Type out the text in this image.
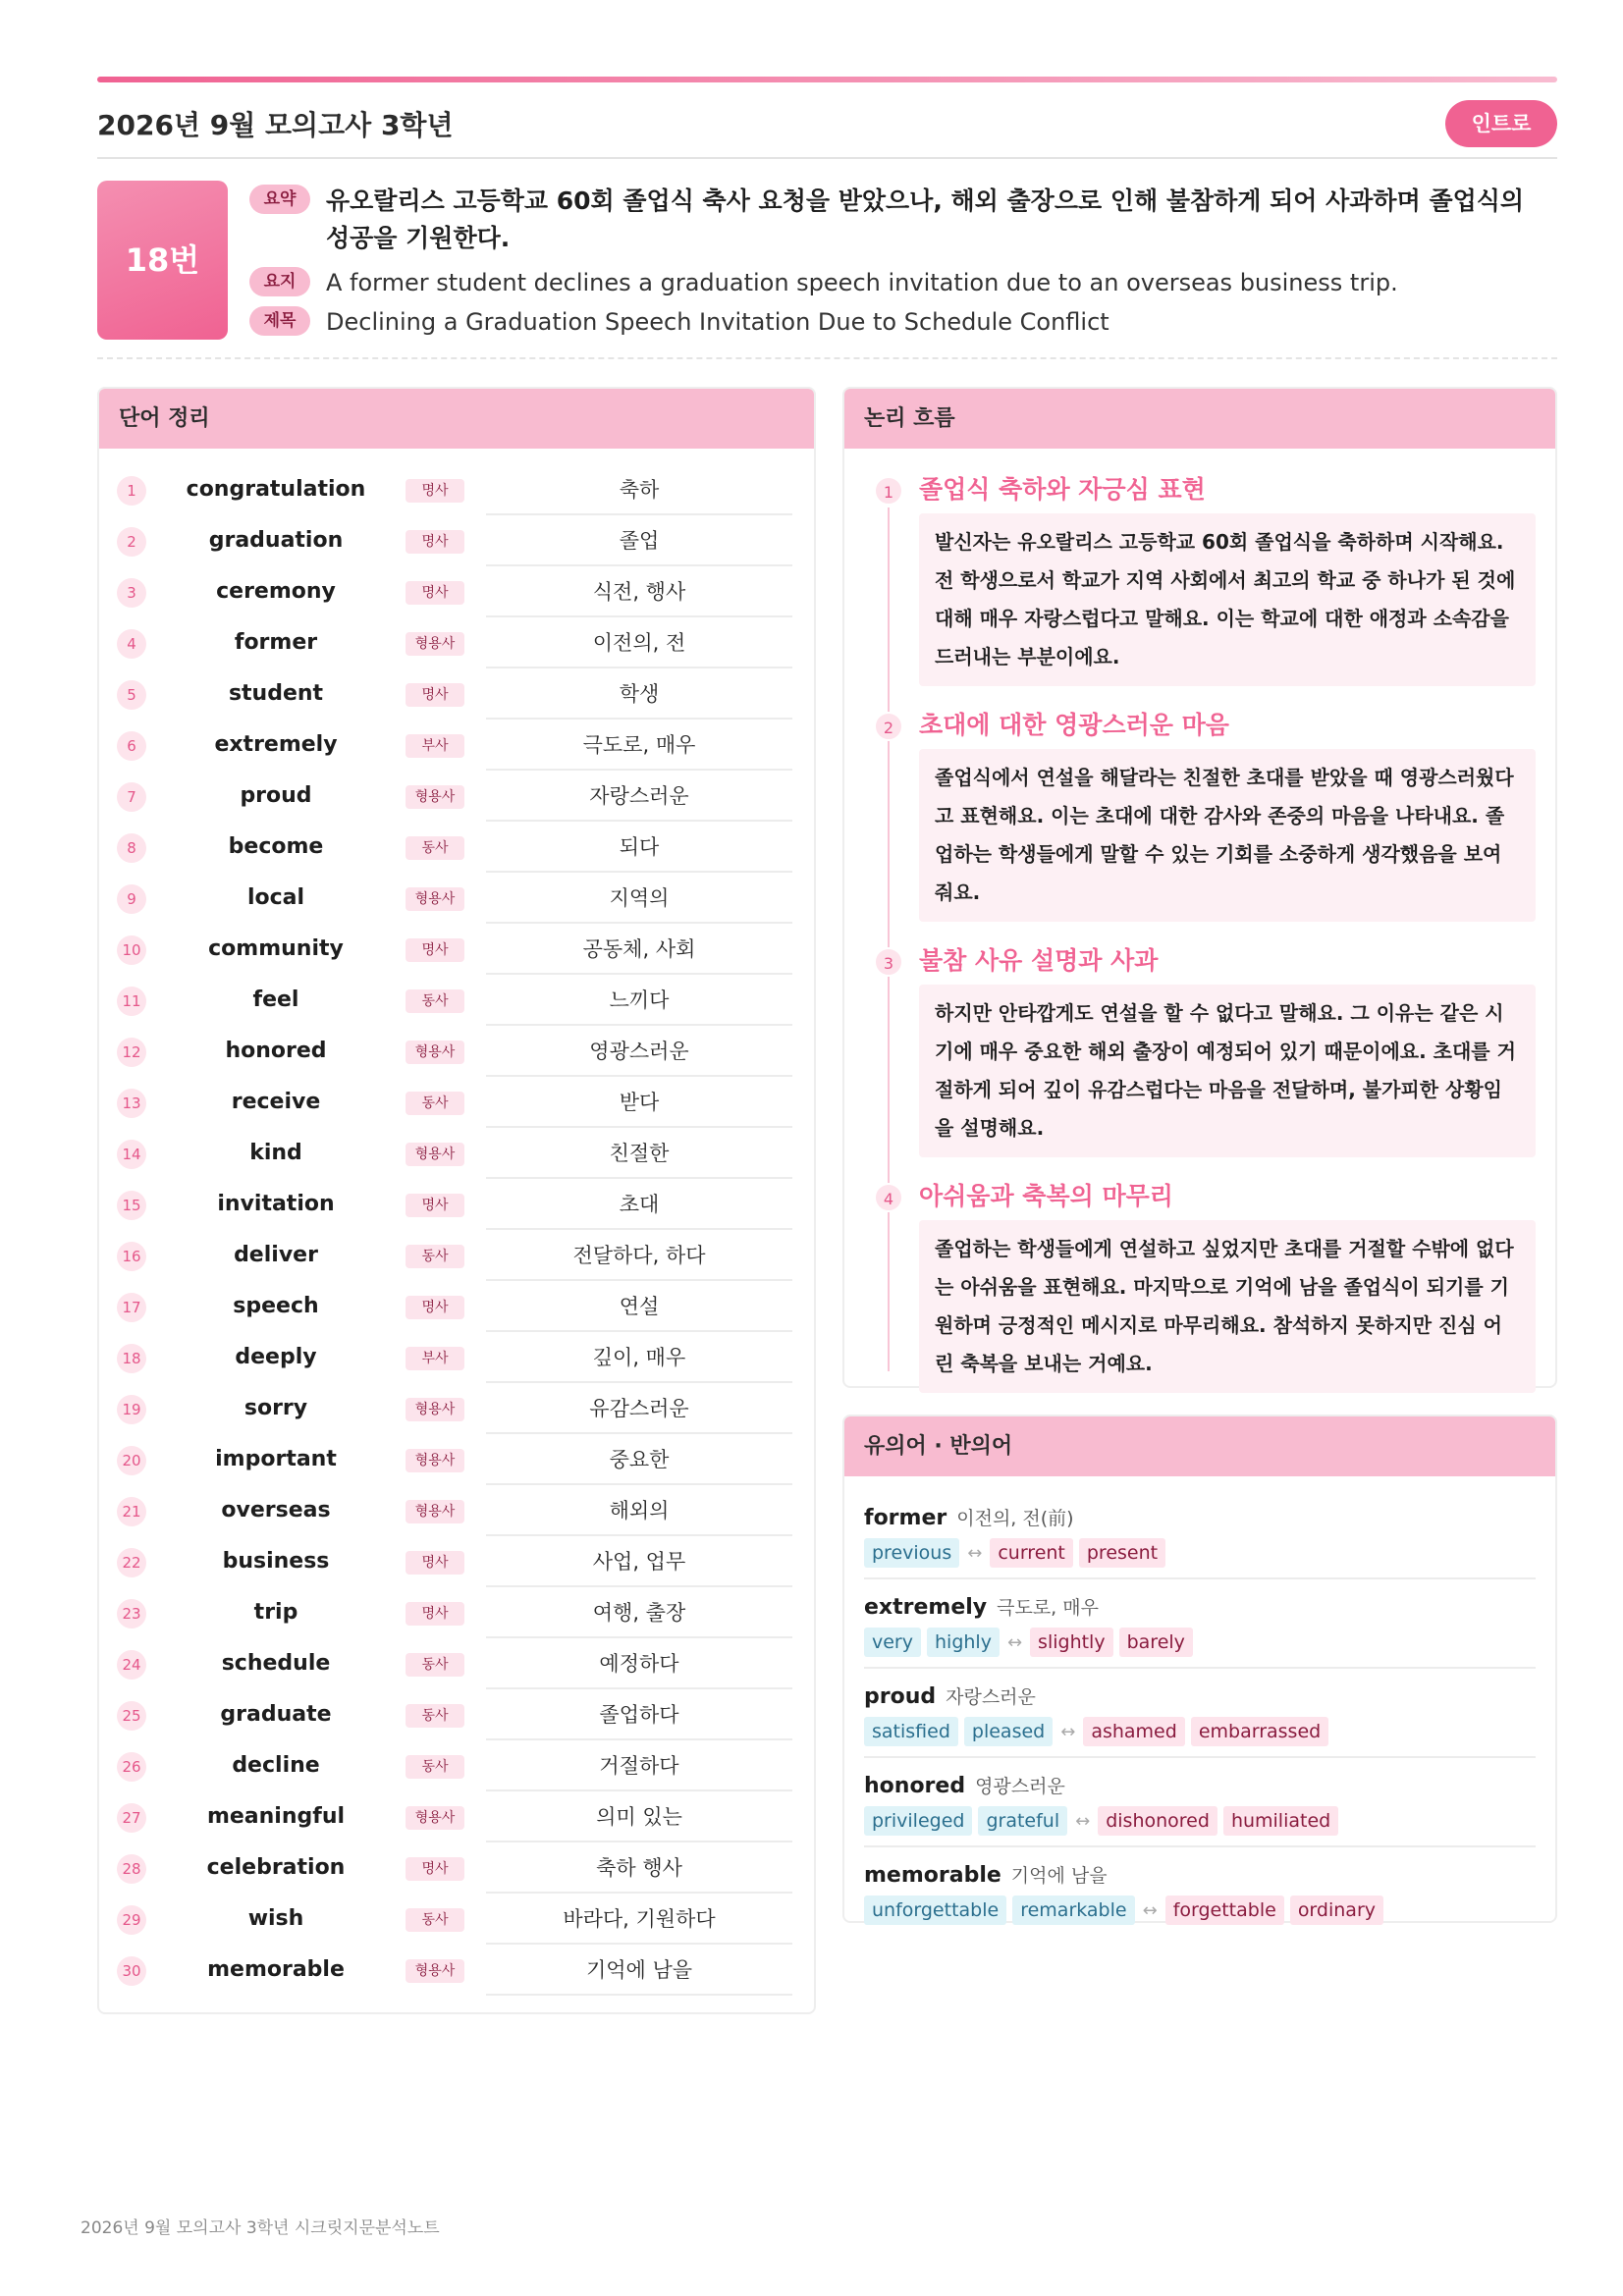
2026년 9월 모의고사 3학년	인트로
18번
요약	유오랄리스 고등학교 60회 졸업식 축사 요청을 받았으나, 해외 출장으로 인해 불참하게 되어 사과하며 졸업식의 성공을 기원한다.
요지	A former student declines a graduation speech invitation due to an overseas business trip.
제목	Declining a Graduation Speech Invitation Due to Schedule Conflict
단어 정리
1	congratulation	명사	축하
2	graduation	명사	졸업
3	ceremony	명사	식전, 행사
4	former	형용사	이전의, 전
5	student	명사	학생
6	extremely	부사	극도로, 매우
7	proud	형용사	자랑스러운
8	become	동사	되다
9	local	형용사	지역의
10	community	명사	공동체, 사회
11	feel	동사	느끼다
12	honored	형용사	영광스러운
13	receive	동사	받다
14	kind	형용사	친절한
15	invitation	명사	초대
16	deliver	동사	전달하다, 하다
17	speech	명사	연설
18	deeply	부사	깊이, 매우
19	sorry	형용사	유감스러운
20	important	형용사	중요한
21	overseas	형용사	해외의
22	business	명사	사업, 업무
23	trip	명사	여행, 출장
24	schedule	동사	예정하다
25	graduate	동사	졸업하다
26	decline	동사	거절하다
27	meaningful	형용사	의미 있는
28	celebration	명사	축하 행사
29	wish	동사	바라다, 기원하다
30	memorable	형용사	기억에 남을
논리 흐름
1	졸업식 축하와 자긍심 표현
발신자는 유오랄리스 고등학교 60회 졸업식을 축하하며 시작해요. 전 학생으로서 학교가 지역 사회에서 최고의 학교 중 하나가 된 것에 대해 매우 자랑스럽다고 말해요. 이는 학교에 대한 애정과 소속감을 드러내는 부분이에요.
2	초대에 대한 영광스러운 마음
졸업식에서 연설을 해달라는 친절한 초대를 받았을 때 영광스러웠다고 표현해요. 이는 초대에 대한 감사와 존중의 마음을 나타내요. 졸업하는 학생들에게 말할 수 있는 기회를 소중하게 생각했음을 보여줘요.
3	불참 사유 설명과 사과
하지만 안타깝게도 연설을 할 수 없다고 말해요. 그 이유는 같은 시기에 매우 중요한 해외 출장이 예정되어 있기 때문이에요. 초대를 거절하게 되어 깊이 유감스럽다는 마음을 전달하며, 불가피한 상황임을 설명해요.
4	아쉬움과 축복의 마무리
졸업하는 학생들에게 연설하고 싶었지만 초대를 거절할 수밖에 없다는 아쉬움을 표현해요. 마지막으로 기억에 남을 졸업식이 되기를 기원하며 긍정적인 메시지로 마무리해요. 참석하지 못하지만 진심 어린 축복을 보내는 거예요.
유의어 · 반의어
former 이전의, 전(前)
previous ↔ current present
extremely 극도로, 매우
very highly ↔ slightly barely
proud 자랑스러운
satisfied pleased ↔ ashamed embarrassed
honored 영광스러운
privileged grateful ↔ dishonored humiliated
memorable 기억에 남을
unforgettable remarkable ↔ forgettable ordinary
2026년 9월 모의고사 3학년 시크릿지문분석노트
